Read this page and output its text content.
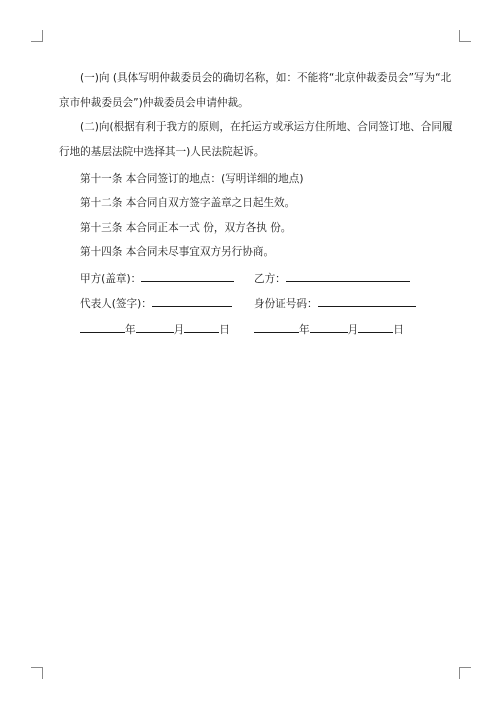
(一)向 (具体写明仲裁委员会的确切名称，如：不能将“北京仲裁委员会”写为“北
京市仲裁委员会”)仲裁委员会申请仲裁。
(二)向(根据有利于我方的原则，在托运方或承运方住所地、合同签订地、合同履
行地的基层法院中选择其一)人民法院起诉。

第十一条 本合同签订的地点：(写明详细的地点)

第十二条 本合同自双方签字盖章之日起生效。

第十三条 本合同正本一式 份，双方各执 份。

第十四条 本合同未尽事宜双方另行协商。

甲方(盖章)：	乙方：
代表人(签字)：	身份证号码：
年	月	日	年	月	日
